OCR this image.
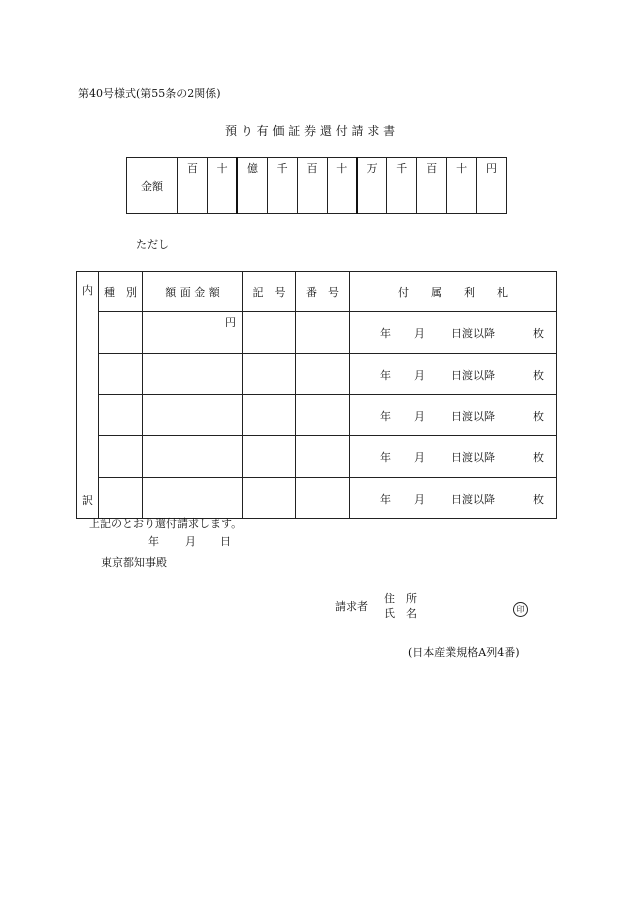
第40号様式(第55条の2関係)
預 り 有 価 証 券 還 付 請 求 書
金額	百	十	億	千	百	十	万	千	百	十	円
ただし
内
訳	種　別	額 面 金 額	記　号	番　号	付　　属　　利　　札
		円			年 月 日渡以降 枚

					年 月 日渡以降 枚

					年 月 日渡以降 枚

					年 月 日渡以降 枚

					年 月 日渡以降 枚
上記のとおり還付請求します。
年 月 日
東京都知事殿
請求者
住　所
氏　名	印
(日本産業規格A列4番)
